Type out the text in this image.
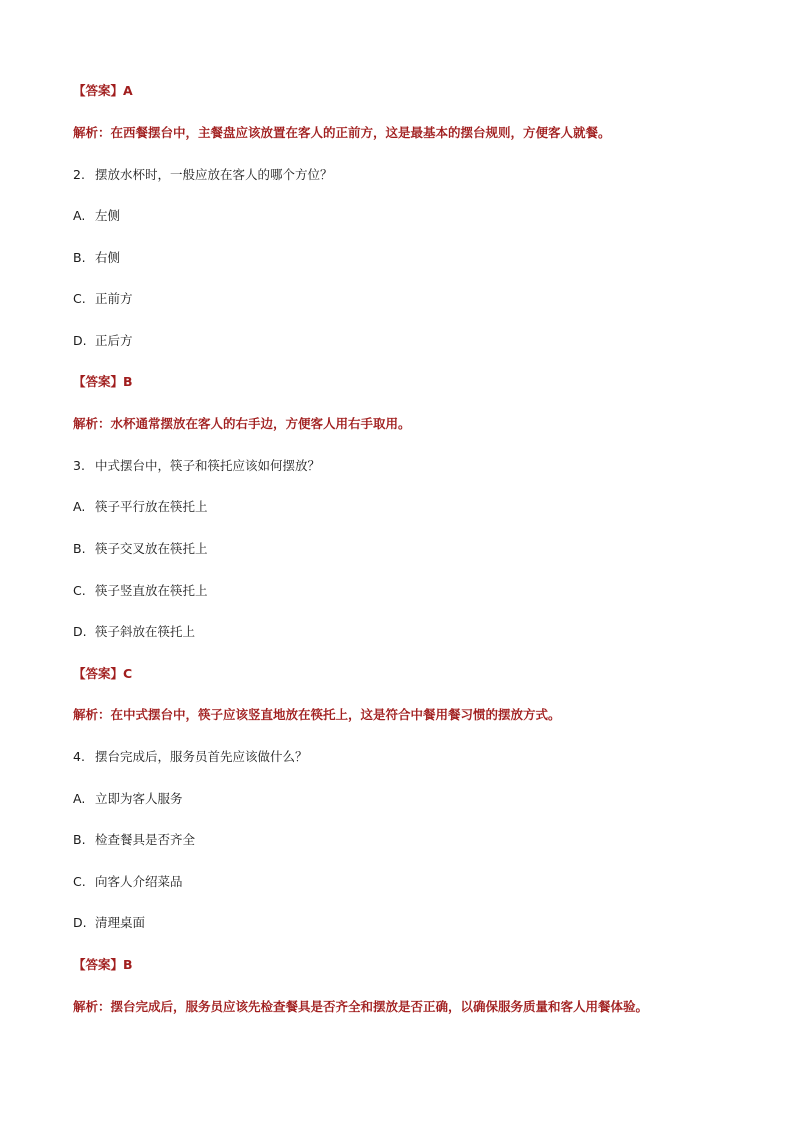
【答案】A
解析：在西餐摆台中，主餐盘应该放置在客人的正前方，这是最基本的摆台规则，方便客人就餐。
2. 摆放水杯时，一般应放在客人的哪个方位？
A. 左侧
B. 右侧
C. 正前方
D. 正后方
【答案】B
解析：水杯通常摆放在客人的右手边，方便客人用右手取用。
3. 中式摆台中，筷子和筷托应该如何摆放？
A. 筷子平行放在筷托上
B. 筷子交叉放在筷托上
C. 筷子竖直放在筷托上
D. 筷子斜放在筷托上
【答案】C
解析：在中式摆台中，筷子应该竖直地放在筷托上，这是符合中餐用餐习惯的摆放方式。
4. 摆台完成后，服务员首先应该做什么？
A. 立即为客人服务
B. 检查餐具是否齐全
C. 向客人介绍菜品
D. 清理桌面
【答案】B
解析：摆台完成后，服务员应该先检查餐具是否齐全和摆放是否正确，以确保服务质量和客人用餐体验。
